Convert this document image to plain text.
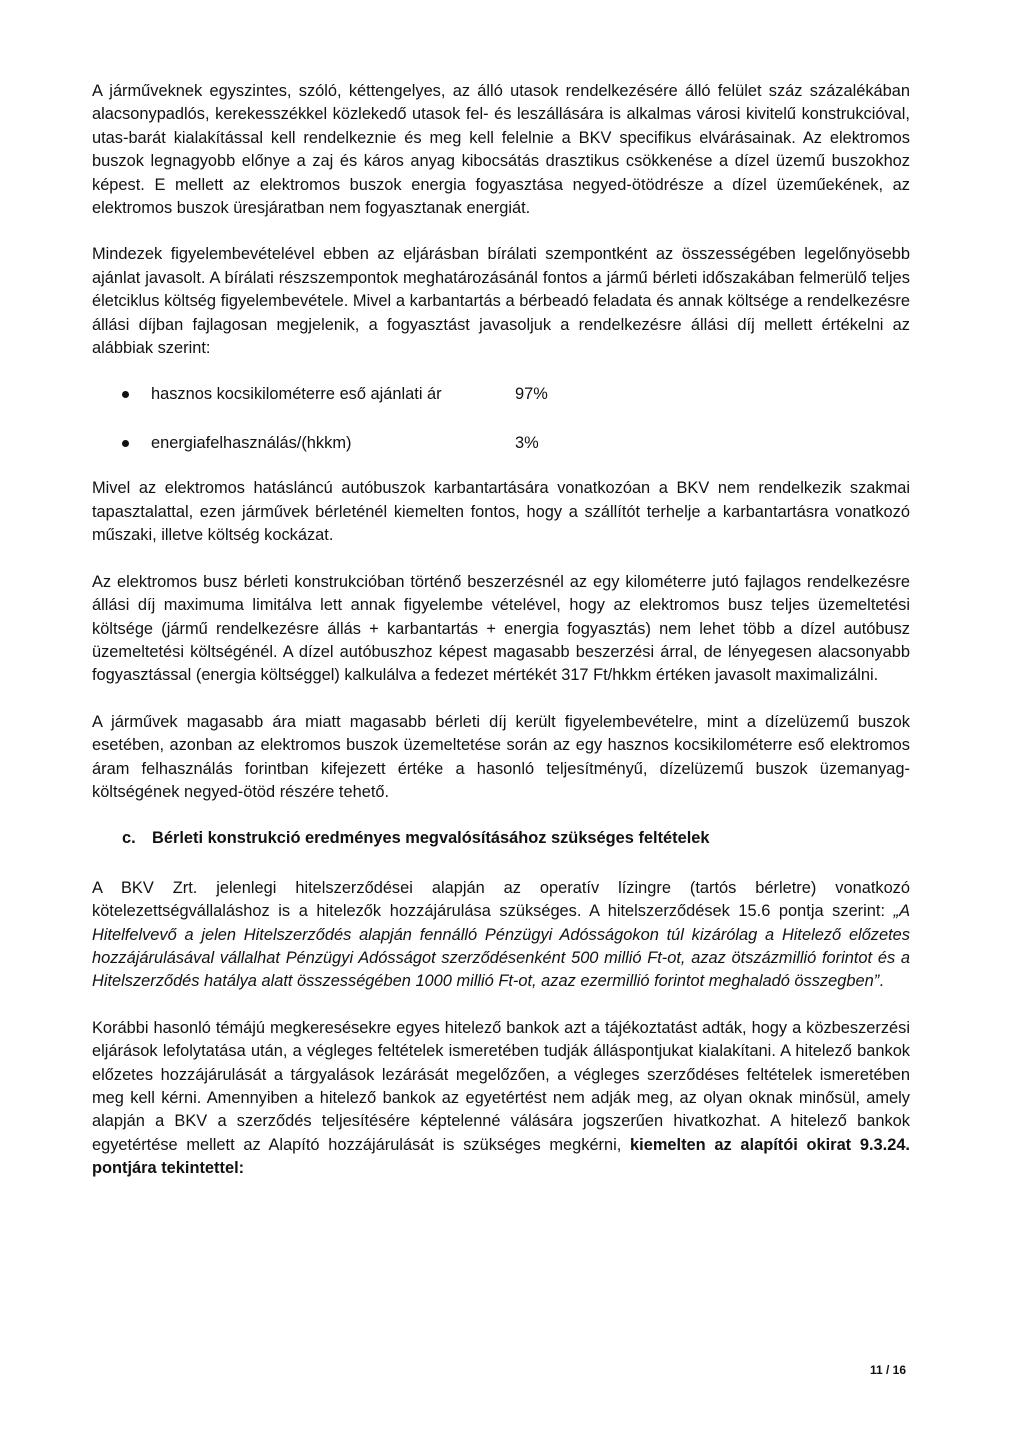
A járműveknek egyszintes, szóló, kéttengelyes, az álló utasok rendelkezésére álló felület száz százalékában alacsonypadlós, kerekesszékkel közlekedő utasok fel- és leszállására is alkalmas városi kivitelű konstrukcióval, utas-barát kialakítással kell rendelkeznie és meg kell felelnie a BKV specifikus elvárásainak. Az elektromos buszok legnagyobb előnye a zaj és káros anyag kibocsátás drasztikus csökkenése a dízel üzemű buszokhoz képest. E mellett az elektromos buszok energia fogyasztása negyed-ötödrésze a dízel üzeműekének, az elektromos buszok üresjáratban nem fogyasztanak energiát.

Mindezek figyelembevételével ebben az eljárásban bírálati szempontként az összességében legelőnyösebb ajánlat javasolt. A bírálati részszempontok meghatározásánál fontos a jármű bérleti időszakában felmerülő teljes életciklus költség figyelembevétele. Mivel a karbantartás a bérbeadó feladata és annak költsége a rendelkezésre állási díjban fajlagosan megjelenik, a fogyasztást javasoljuk a rendelkezésre állási díj mellett értékelni az alábbiak szerint:

hasznos kocsikilométerre eső ajánlati ár	97%
energiafelhasználás/(hkkm)	3%

Mivel az elektromos hatásláncú autóbuszok karbantartására vonatkozóan a BKV nem rendelkezik szakmai tapasztalattal, ezen járművek bérleténél kiemelten fontos, hogy a szállítót terhelje a karbantartásra vonatkozó műszaki, illetve költség kockázat.

Az elektromos busz bérleti konstrukcióban történő beszerzésnél az egy kilométerre jutó fajlagos rendelkezésre állási díj maximuma limitálva lett annak figyelembe vételével, hogy az elektromos busz teljes üzemeltetési költsége (jármű rendelkezésre állás + karbantartás + energia fogyasztás) nem lehet több a dízel autóbusz üzemeltetési költségénél. A dízel autóbuszhoz képest magasabb beszerzési árral, de lényegesen alacsonyabb fogyasztással (energia költséggel) kalkulálva a fedezet mértékét 317 Ft/hkkm értéken javasolt maximalizálni.

A járművek magasabb ára miatt magasabb bérleti díj került figyelembevételre, mint a dízelüzemű buszok esetében, azonban az elektromos buszok üzemeltetése során az egy hasznos kocsikilométerre eső elektromos áram felhasználás forintban kifejezett értéke a hasonló teljesítményű, dízelüzemű buszok üzemanyag-költségének negyed-ötöd részére tehető.

c. Bérleti konstrukció eredményes megvalósításához szükséges feltételek

A BKV Zrt. jelenlegi hitelszerződései alapján az operatív lízingre (tartós bérletre) vonatkozó kötelezettségvállaláshoz is a hitelezők hozzájárulása szükséges. A hitelszerződések 15.6 pontja szerint: „A Hitelfelvevő a jelen Hitelszerződés alapján fennálló Pénzügyi Adósságokon túl kizárólag a Hitelező előzetes hozzájárulásával vállalhat Pénzügyi Adósságot szerződésenként 500 millió Ft-ot, azaz ötszázmillió forintot és a Hitelszerződés hatálya alatt összességében 1000 millió Ft-ot, azaz ezermillió forintot meghaladó összegben”.

Korábbi hasonló témájú megkeresésekre egyes hitelező bankok azt a tájékoztatást adták, hogy a közbeszerzési eljárások lefolytatása után, a végleges feltételek ismeretében tudják álláspontjukat kialakítani. A hitelező bankok előzetes hozzájárulását a tárgyalások lezárását megelőzően, a végleges szerződéses feltételek ismeretében meg kell kérni. Amennyiben a hitelező bankok az egyetértést nem adják meg, az olyan oknak minősül, amely alapján a BKV a szerződés teljesítésére képtelenné válására jogszerűen hivatkozhat. A hitelező bankok egyetértése mellett az Alapító hozzájárulását is szükséges megkérni, kiemelten az alapítói okirat 9.3.24. pontjára tekintettel:

11 / 16
